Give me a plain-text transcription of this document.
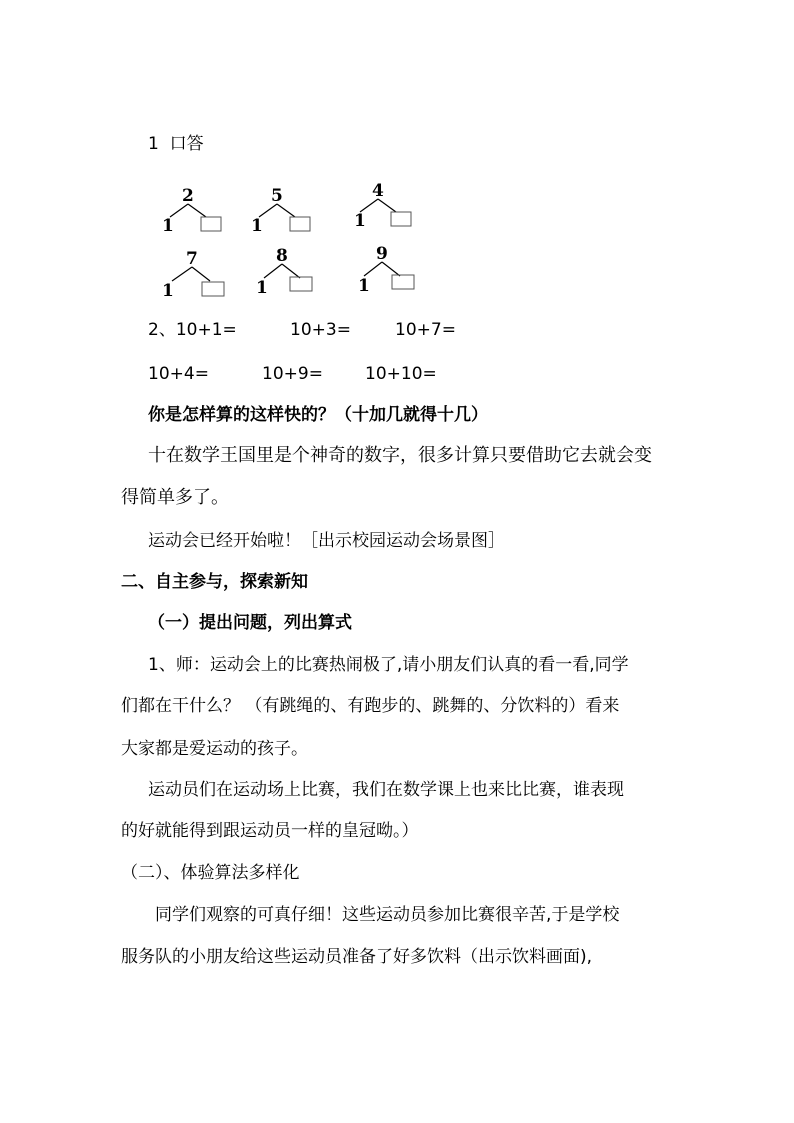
1 口答
2
1
5
1
4
1
7
1
8
1
9
1
2、10+1=	10+3=	10+7=
10+4=	10+9= 10+10=
你是怎样算的这样快的？（十加几就得十几）
十在数学王国里是个神奇的数字，很多计算只要借助它去就会变
得简单多了。
运动会已经开始啦！［出示校园运动会场景图］
二、自主参与，探索新知
（一）提出问题，列出算式
1、师：运动会上的比赛热闹极了,请小朋友们认真的看一看,同学
们都在干什么？ （有跳绳的、有跑步的、跳舞的、分饮料的）看来
大家都是爱运动的孩子。
运动员们在运动场上比赛，我们在数学课上也来比比赛，谁表现
的好就能得到跟运动员一样的皇冠呦。）
（二）、体验算法多样化
同学们观察的可真仔细！这些运动员参加比赛很辛苦,于是学校
服务队的小朋友给这些运动员准备了好多饮料（出示饮料画面),
